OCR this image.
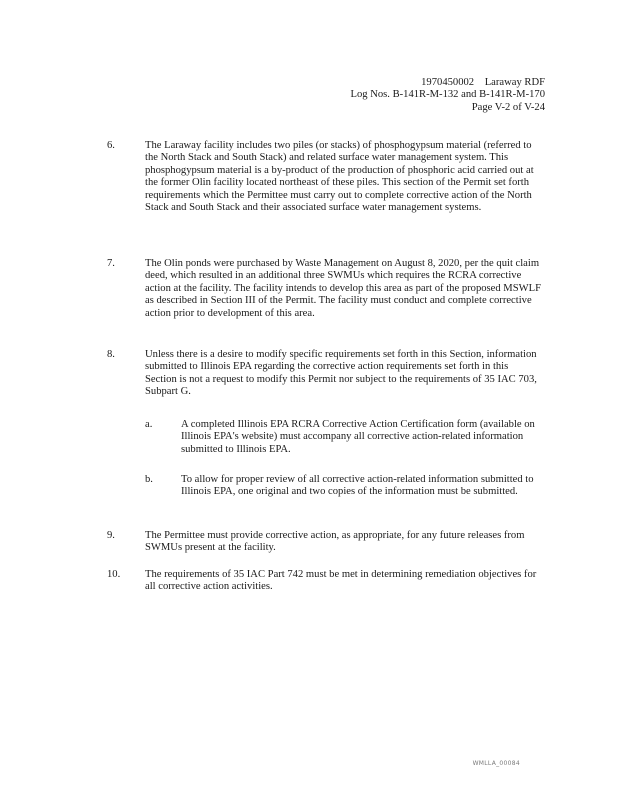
1970450002    Laraway RDF
Log Nos. B-141R-M-132 and B-141R-M-170
Page V-2 of V-24
6.	The Laraway facility includes two piles (or stacks) of phosphogypsum material (referred to the North Stack and South Stack) and related surface water management system. This phosphogypsum material is a by-product of the production of phosphoric acid carried out at the former Olin facility located northeast of these piles. This section of the Permit set forth requirements which the Permittee must carry out to complete corrective action of the North Stack and South Stack and their associated surface water management systems.
7.	The Olin ponds were purchased by Waste Management on August 8, 2020, per the quit claim deed, which resulted in an additional three SWMUs which requires the RCRA corrective action at the facility. The facility intends to develop this area as part of the proposed MSWLF as described in Section III of the Permit. The facility must conduct and complete corrective action prior to development of this area.
8.	Unless there is a desire to modify specific requirements set forth in this Section, information submitted to Illinois EPA regarding the corrective action requirements set forth in this Section is not a request to modify this Permit nor subject to the requirements of 35 IAC 703, Subpart G.
a.	A completed Illinois EPA RCRA Corrective Action Certification form (available on Illinois EPA's website) must accompany all corrective action-related information submitted to Illinois EPA.
b.	To allow for proper review of all corrective action-related information submitted to Illinois EPA, one original and two copies of the information must be submitted.
9.	The Permittee must provide corrective action, as appropriate, for any future releases from SWMUs present at the facility.
10. The requirements of 35 IAC Part 742 must be met in determining remediation objectives for all corrective action activities.
WMLLA_00084
